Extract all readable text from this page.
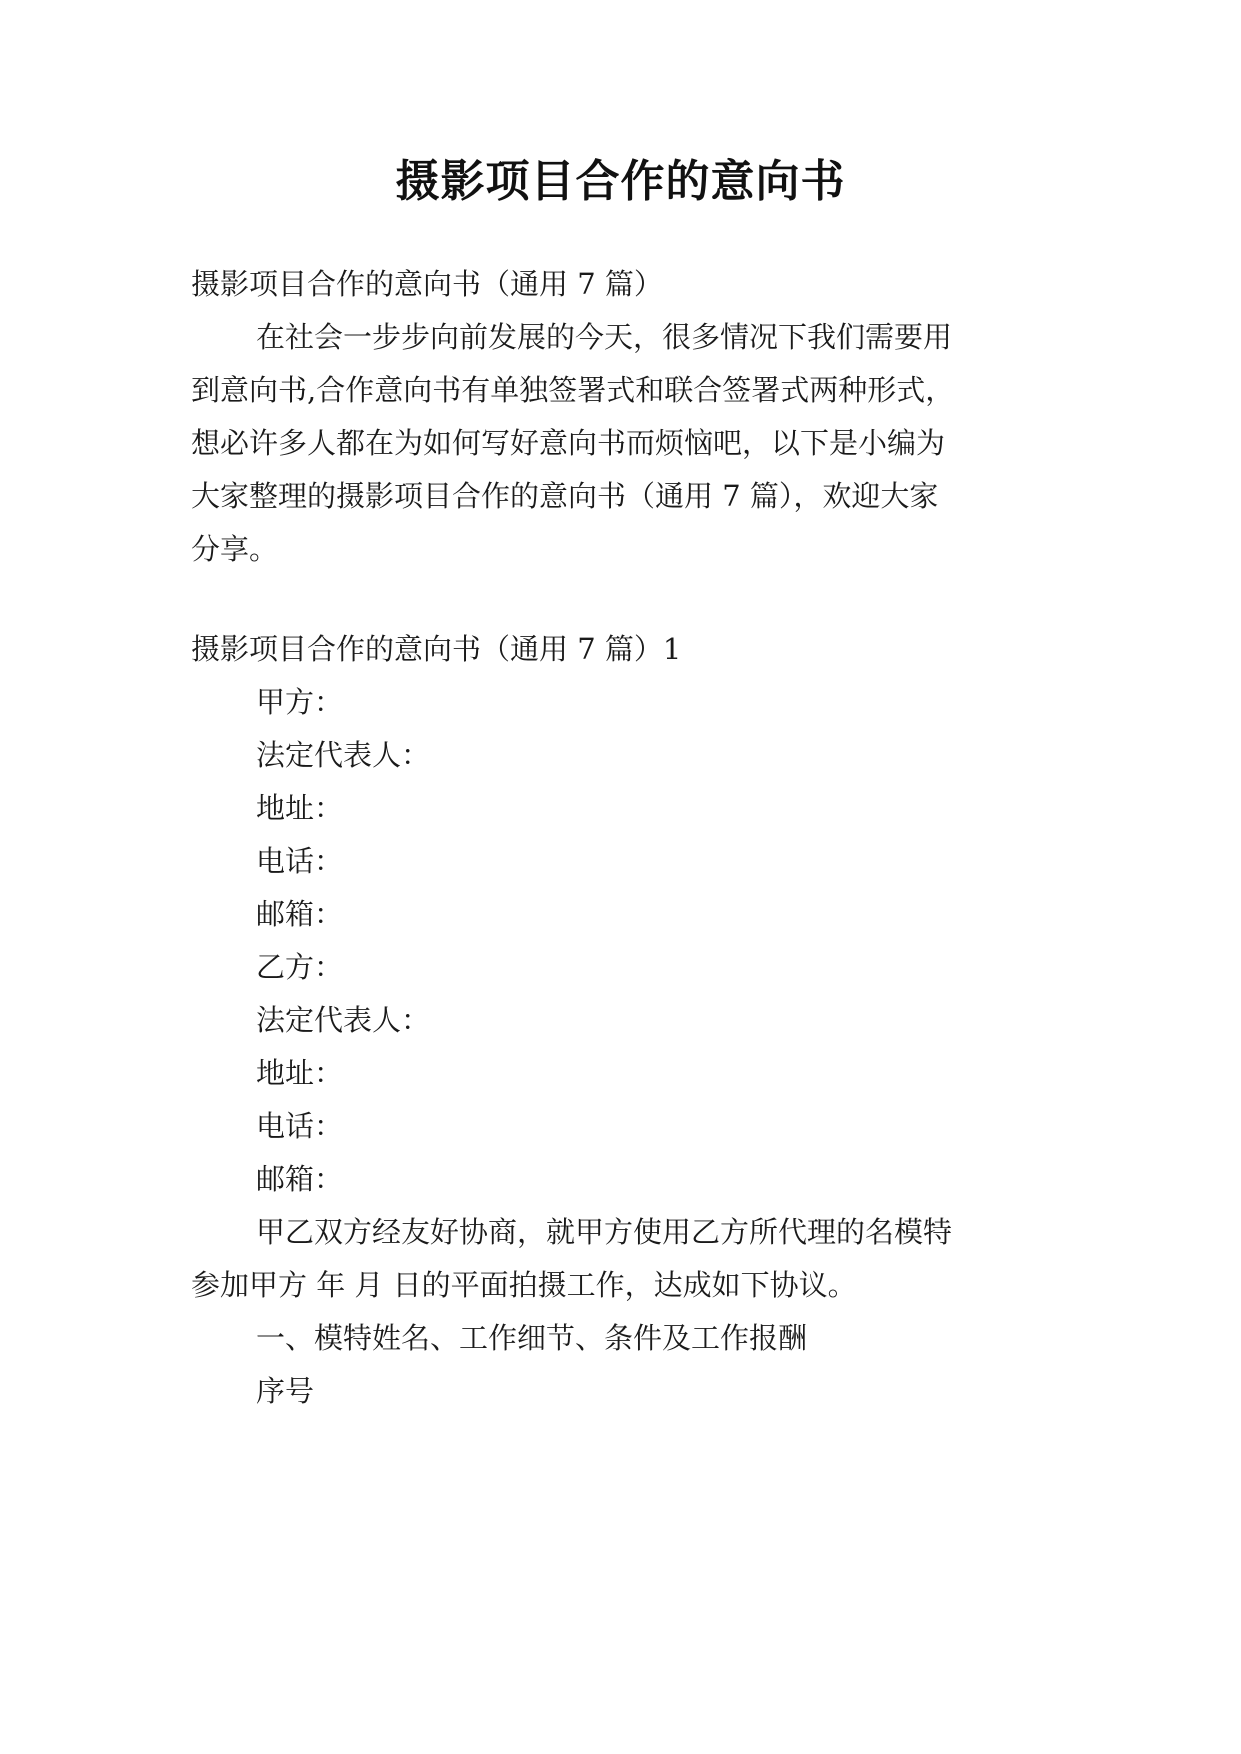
摄影项目合作的意向书
摄影项目合作的意向书（通用 7 篇）
在社会一步步向前发展的今天，很多情况下我们需要用
到意向书,合作意向书有单独签署式和联合签署式两种形式，
想必许多人都在为如何写好意向书而烦恼吧，以下是小编为
大家整理的摄影项目合作的意向书（通用 7 篇），欢迎大家
分享。
摄影项目合作的意向书（通用 7 篇）1
甲方：
法定代表人：
地址：
电话：
邮箱：
乙方：
法定代表人：
地址：
电话：
邮箱：
甲乙双方经友好协商，就甲方使用乙方所代理的名模特
参加甲方 年 月 日的平面拍摄工作，达成如下协议。
一、模特姓名、工作细节、条件及工作报酬
序号
